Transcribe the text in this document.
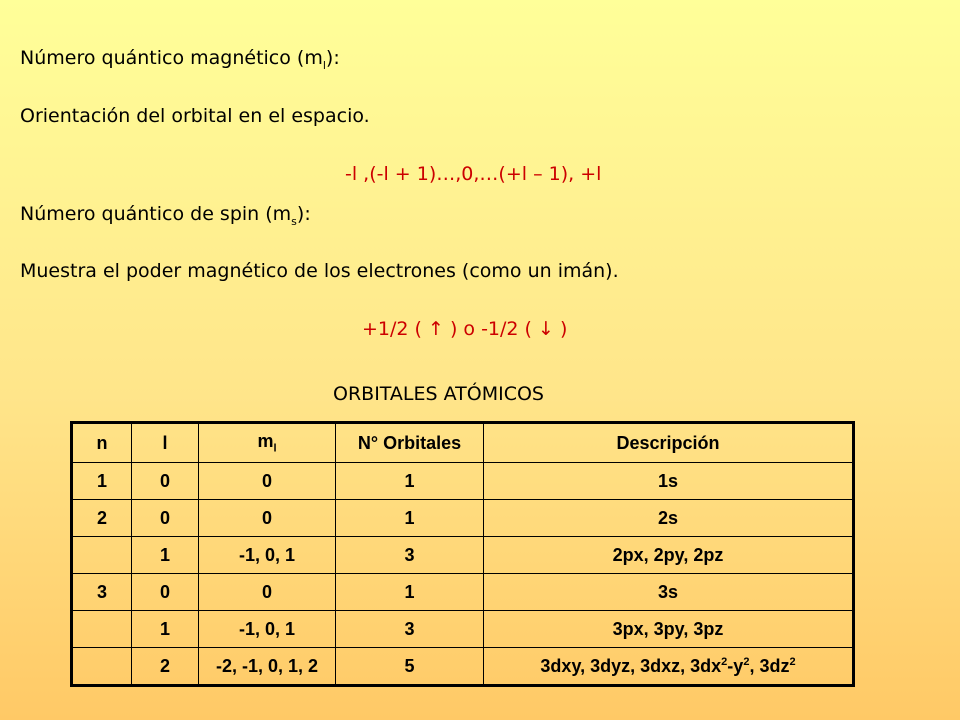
Número quántico magnético $(m_l)$:
Orientación del orbital en el espacio.
-l ,(-l + 1)…,0,…(+l – 1), +l
Número quántico de spin $(m_s)$:
Muestra el poder magnético de los electrones (como un imán).
+1/2 ( ↑ ) o -1/2 ( ↓ )
ORBITALES ATÓMICOS
n	l	$m_l$	N° Orbitales	Descripción
1	0	0	1	1s
2	0	0	1	2s
	1	-1, 0, 1	3	2px, 2py, 2pz
3	0	0	1	3s
	1	-1, 0, 1	3	3px, 3py, 3pz
	2	-2, -1, 0, 1, 2	5	3dxy, 3dyz, 3dxz, $3dx^2-y^2$, $3dz^2$
